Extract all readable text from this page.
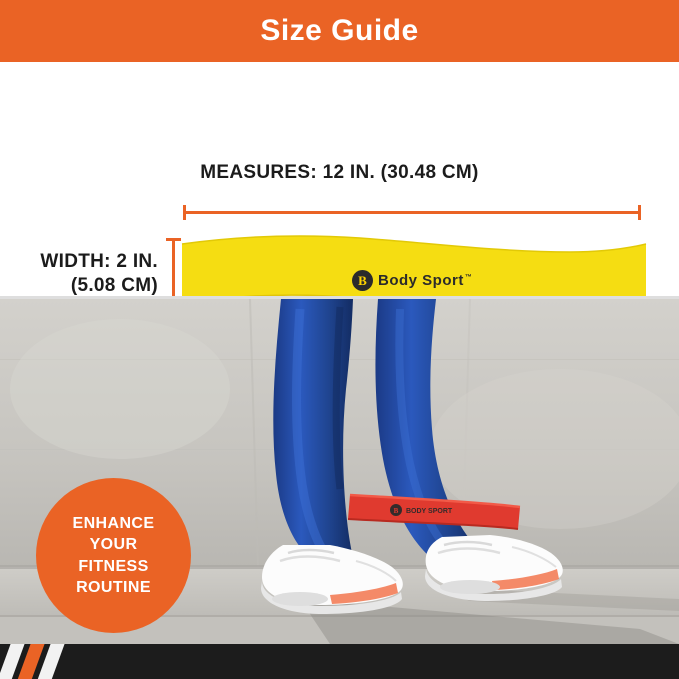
Size Guide
MEASURES: 12 IN. (30.48 CM)
WIDTH: 2 IN.
(5.08 CM)	B Body Sport™
B BODY SPORT
ENHANCE
YOUR
FITNESS
ROUTINE
